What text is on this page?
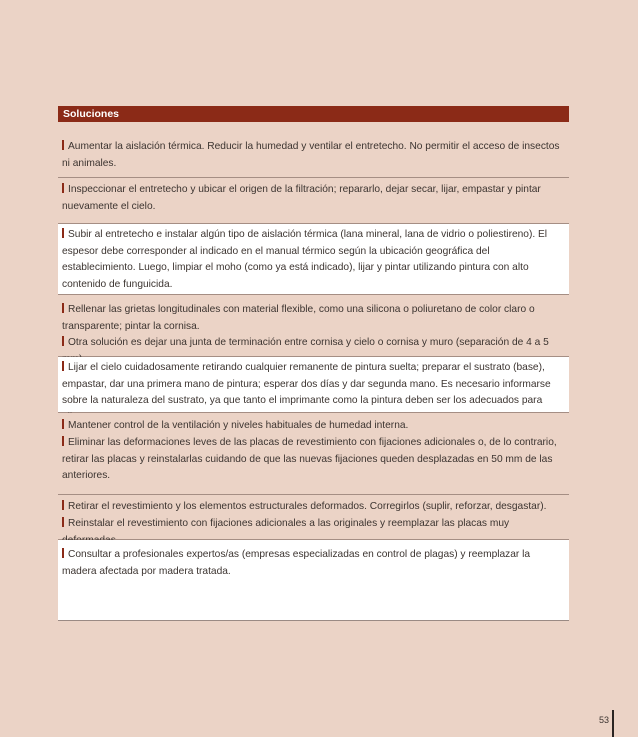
Soluciones

Aumentar la aislación térmica. Reducir la humedad y ventilar el entretecho. No permitir el acceso de insectos ni animales.

Inspeccionar el entretecho y ubicar el origen de la filtración; repararlo, dejar secar, lijar, empastar y pintar nuevamente el cielo.

Subir al entretecho e instalar algún tipo de aislación térmica (lana mineral, lana de vidrio o poliestireno). El espesor debe corresponder al indicado en el manual térmico según la ubicación geográfica del establecimiento. Luego, limpiar el moho (como ya está indicado), lijar y pintar utilizando pintura con alto contenido de funguicida.

Rellenar las grietas longitudinales con material flexible, como una silicona o poliuretano de color claro o transparente; pintar la cornisa.

Otra solución es dejar una junta de terminación entre cornisa y cielo o cornisa y muro (separación de 4 a 5

Lijar el cielo cuidadosamente retirando cualquier remanente de pintura suelta; preparar el sustrato (base), empastar, dar una primera mano de pintura; esperar dos días y dar segunda mano. Es necesario informarse sobre la naturaleza del sustrato, ya que tanto el imprimante como la pintura deben ser los adecuados para

Mantener control de la ventilación y niveles habituales de humedad interna.

Eliminar las deformaciones leves de las placas de revestimiento con fijaciones adicionales o, de lo contrario, retirar las placas y reinstalarlas cuidando de que las nuevas fijaciones queden desplazadas en 50 mm de las anteriores.

Retirar el revestimiento y los elementos estructurales deformados. Corregirlos (suplir, reforzar, desgastar).

Reinstalar el revestimiento con fijaciones adicionales a las originales y reemplazar las placas muy

Consultar a profesionales expertos/as (empresas especializadas en control de plagas) y reemplazar la madera afectada por madera tratada.

53
